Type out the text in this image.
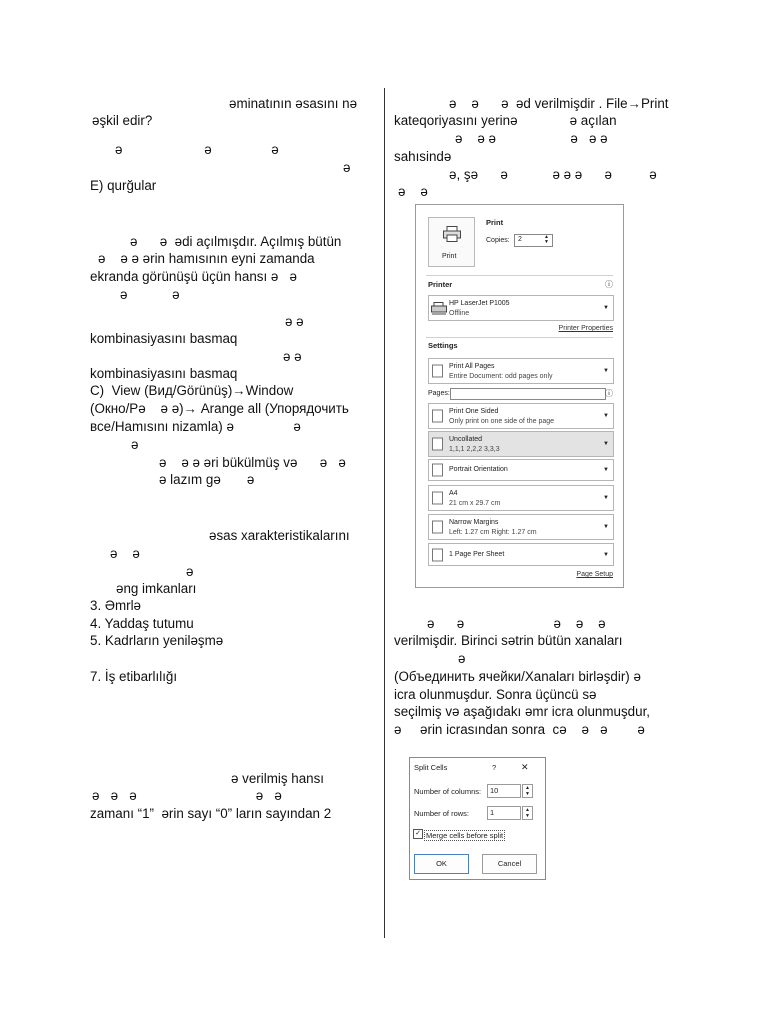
əminatının əsasını nə
əşkil edir?
ə                      ə                ə
ə
E) qurğular
ə      ə  ədi açılmışdır. Açılmış bütün
ə    ə ə ərin hamısının eyni zamanda
ekranda görünüşü üçün hansı ə   ə
ə            ə
ə ə
kombinasiyasını basmaq
ə ə
kombinasiyasını basmaq
C)  View (Вид/Görünüş)→Window
(Окно/Pə    ə ə)→ Arange all (Упорядочить
все/Hamısını nizamla) ə                ə
ə
ə    ə ə əri bükülmüş və      ə   ə
ə lazım gə       ə
əsas xarakteristikalarını
ə    ə
ə
əng imkanları
3. Əmrlə
4. Yaddaş tutumu
5. Kadrların yeniləşmə
7. İş etibarlılığı
ə verilmiş hansı
ə   ə   ə                                ə   ə
zamanı “1”  ərin sayı “0” ların sayından 2
ə    ə      ə  əd verilmişdir . File→Print
kateqoriyasını yerinə              ə açılan
ə    ə ə                    ə   ə ə
sahısində
ə, şə      ə            ə ə ə      ə          ə
ə    ə
Print
Print
Copies: 2	▲
▼
Printer	ⓘ
HP LaserJet P1005
Offline
▼
Printer Properties
Settings
Print All Pages
Entire Document: odd pages only
▼
Pages:	ⓘ
Print One Sided
Only print on one side of the page
▼
Uncollated
1,1,1 2,2,2 3,3,3
▼
Portrait Orientation	▼
A4
21 cm x 29.7 cm
▼
Narrow Margins
Left: 1.27 cm Right: 1.27 cm
▼
1 Page Per Sheet	▼
Page Setup
ə      ə                        ə    ə    ə
verilmişdir. Birinci sətrin bütün xanaları
ə
(Объединить ячейки/Xanaları birləşdir) ə
icra olunmuşdur. Sonra üçüncü sə
seçilmiş və aşağıdakı əmr icra olunmuşdur,
ə     ərin icrasından sonra  cə    ə   ə        ə
Split Cells	?	✕
Number of columns:	10	▲
▼
Number of rows:	1	▲
▼
✓ Merge cells before split
OK	Cancel
